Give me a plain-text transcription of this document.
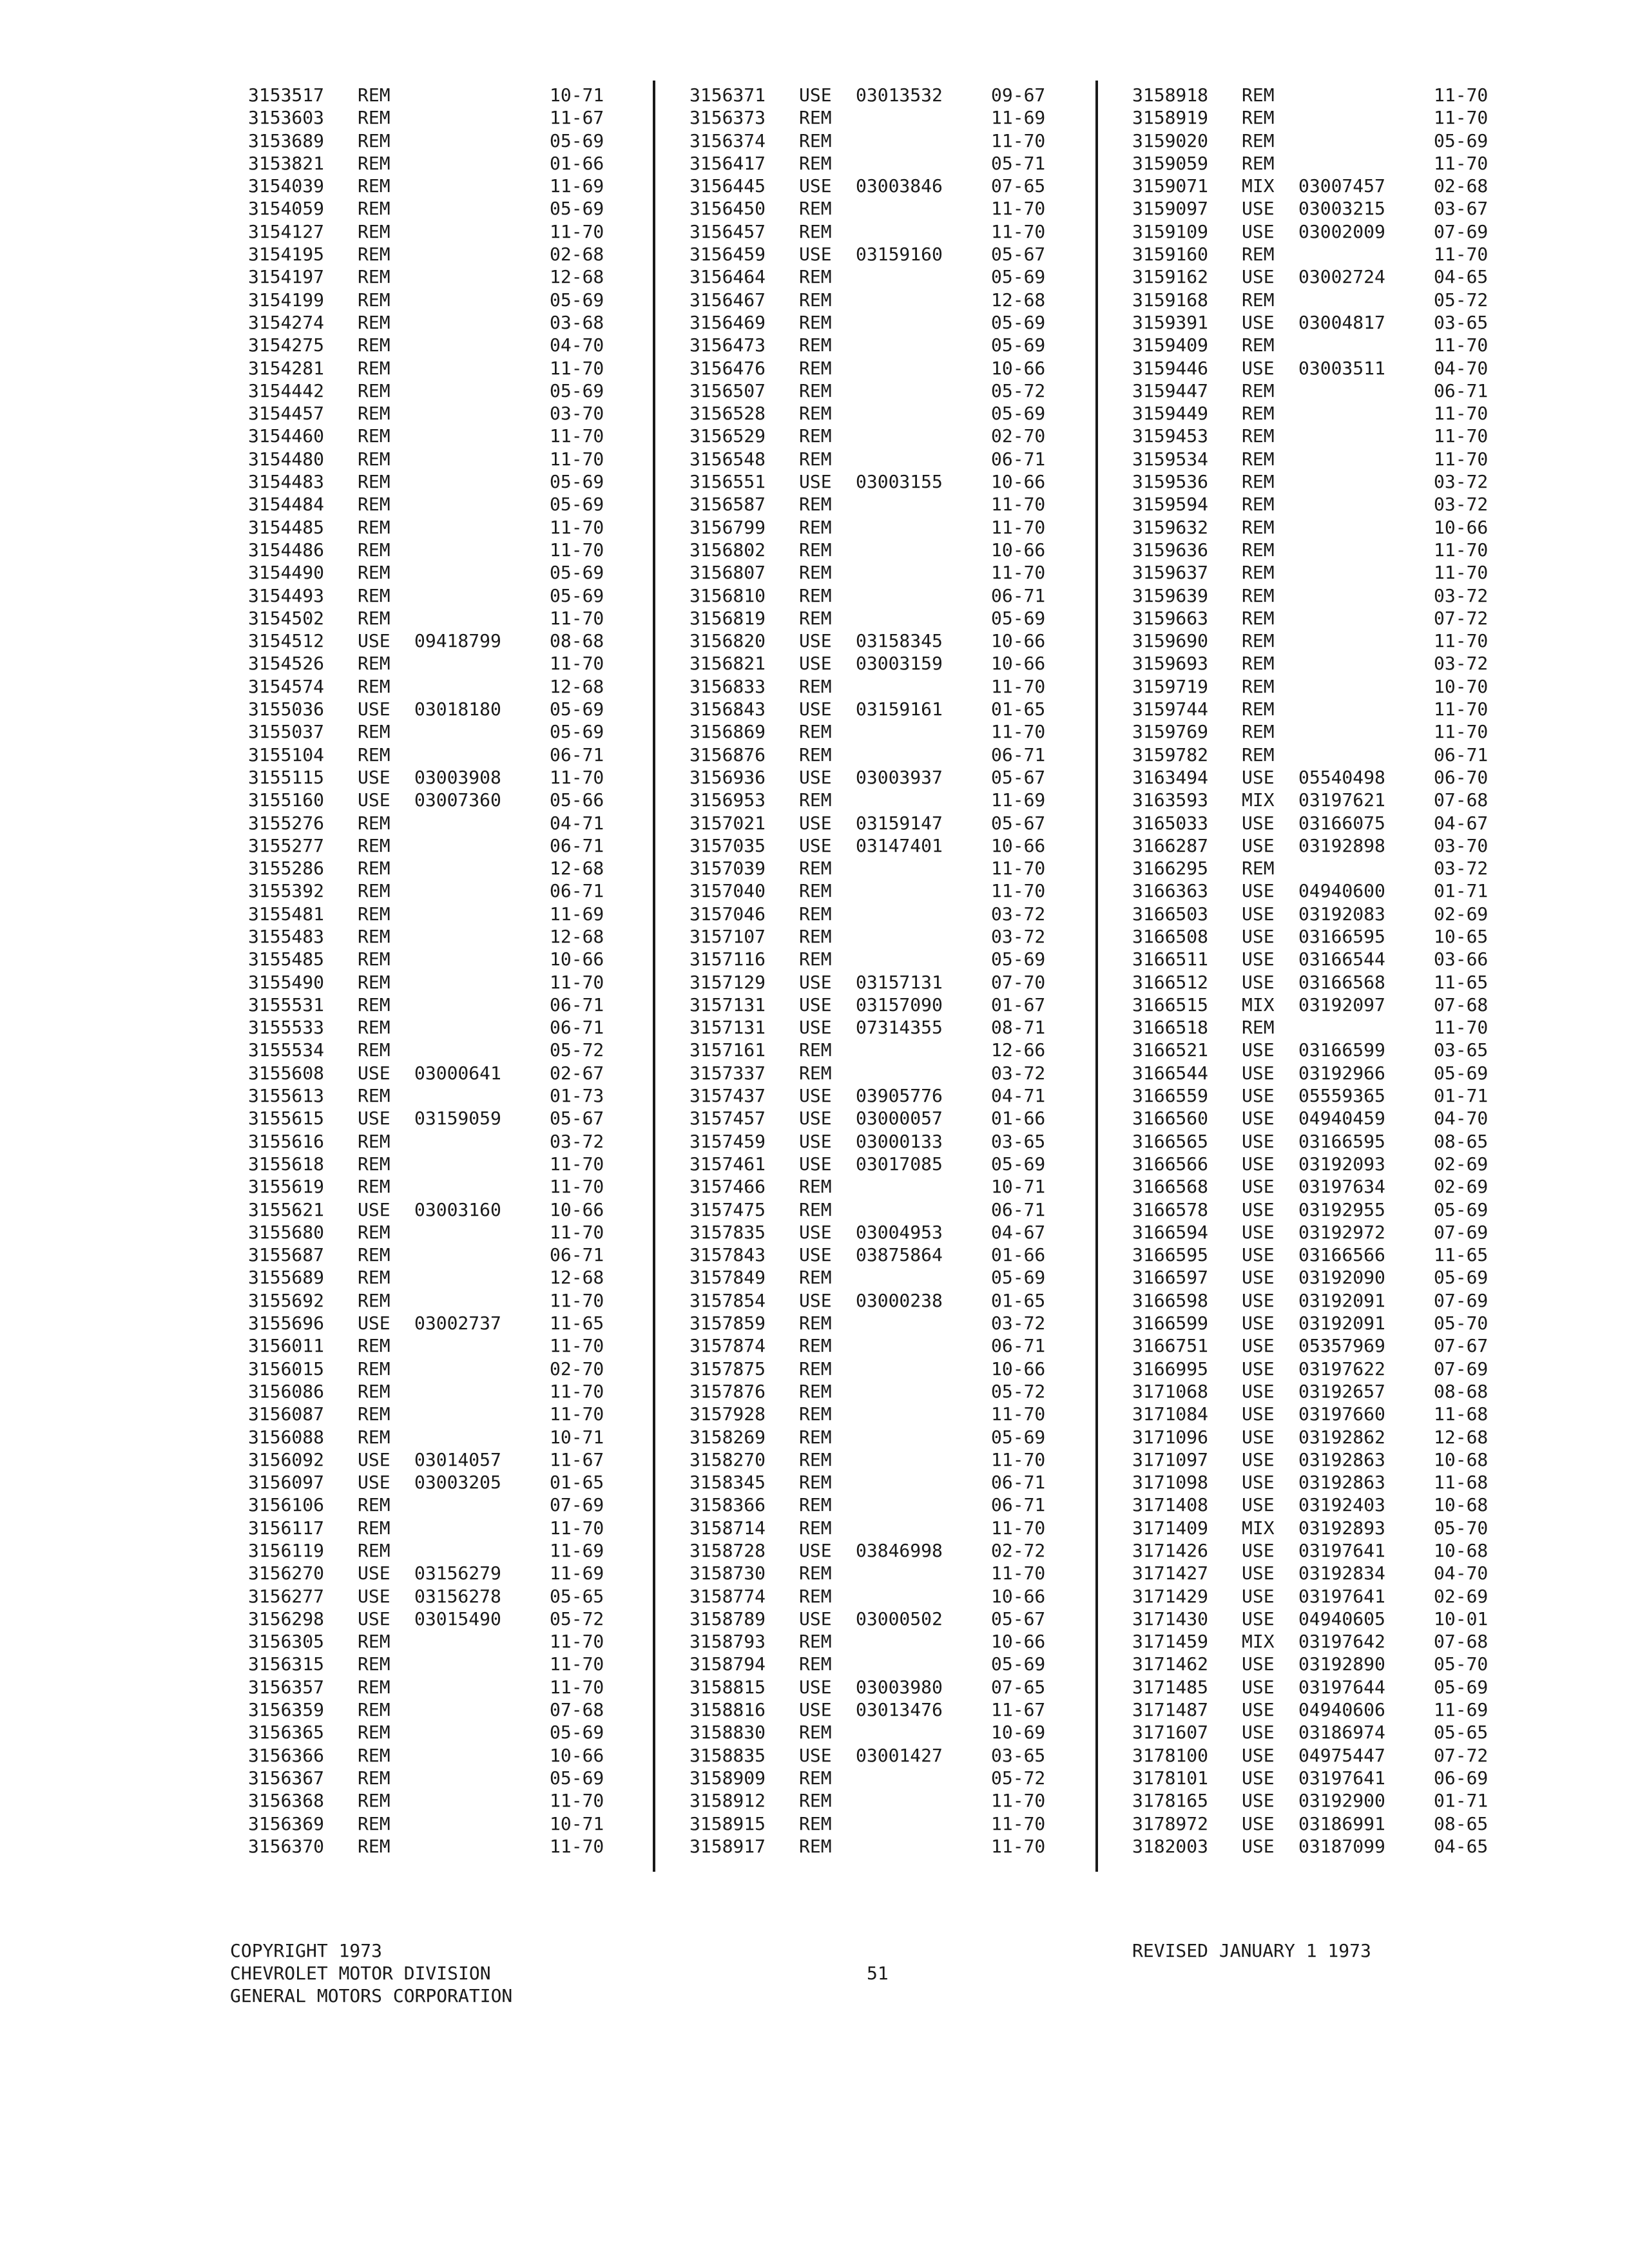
3153517 REM	10-71
3153603 REM	11-67
3153689 REM	05-69
3153821 REM	01-66
3154039 REM	11-69
3154059 REM	05-69
3154127 REM	11-70
3154195 REM	02-68
3154197 REM	12-68
3154199 REM	05-69
3154274 REM	03-68
3154275 REM	04-70
3154281 REM	11-70
3154442 REM	05-69
3154457 REM	03-70
3154460 REM	11-70
3154480 REM	11-70
3154483 REM	05-69
3154484 REM	05-69
3154485 REM	11-70
3154486 REM	11-70
3154490 REM	05-69
3154493 REM	05-69
3154502 REM	11-70
3154512 USE 09418799	08-68
3154526 REM	11-70
3154574 REM	12-68
3155036 USE 03018180	05-69
3155037 REM	05-69
3155104 REM	06-71
3155115 USE 03003908	11-70
3155160 USE 03007360	05-66
3155276 REM	04-71
3155277 REM	06-71
3155286 REM	12-68
3155392 REM	06-71
3155481 REM	11-69
3155483 REM	12-68
3155485 REM	10-66
3155490 REM	11-70
3155531 REM	06-71
3155533 REM	06-71
3155534 REM	05-72
3155608 USE 03000641	02-67
3155613 REM	01-73
3155615 USE 03159059	05-67
3155616 REM	03-72
3155618 REM	11-70
3155619 REM	11-70
3155621 USE 03003160	10-66
3155680 REM	11-70
3155687 REM	06-71
3155689 REM	12-68
3155692 REM	11-70
3155696 USE 03002737	11-65
3156011 REM	11-70
3156015 REM	02-70
3156086 REM	11-70
3156087 REM	11-70
3156088 REM	10-71
3156092 USE 03014057	11-67
3156097 USE 03003205	01-65
3156106 REM	07-69
3156117 REM	11-70
3156119 REM	11-69
3156270 USE 03156279	11-69
3156277 USE 03156278	05-65
3156298 USE 03015490	05-72
3156305 REM	11-70
3156315 REM	11-70
3156357 REM	11-70
3156359 REM	07-68
3156365 REM	05-69
3156366 REM	10-66
3156367 REM	05-69
3156368 REM	11-70
3156369 REM	10-71
3156370 REM	11-70
3156371 USE 03013532	09-67
3156373 REM	11-69
3156374 REM	11-70
3156417 REM	05-71
3156445 USE 03003846	07-65
3156450 REM	11-70
3156457 REM	11-70
3156459 USE 03159160	05-67
3156464 REM	05-69
3156467 REM	12-68
3156469 REM	05-69
3156473 REM	05-69
3156476 REM	10-66
3156507 REM	05-72
3156528 REM	05-69
3156529 REM	02-70
3156548 REM	06-71
3156551 USE 03003155	10-66
3156587 REM	11-70
3156799 REM	11-70
3156802 REM	10-66
3156807 REM	11-70
3156810 REM	06-71
3156819 REM	05-69
3156820 USE 03158345	10-66
3156821 USE 03003159	10-66
3156833 REM	11-70
3156843 USE 03159161	01-65
3156869 REM	11-70
3156876 REM	06-71
3156936 USE 03003937	05-67
3156953 REM	11-69
3157021 USE 03159147	05-67
3157035 USE 03147401	10-66
3157039 REM	11-70
3157040 REM	11-70
3157046 REM	03-72
3157107 REM	03-72
3157116 REM	05-69
3157129 USE 03157131	07-70
3157131 USE 03157090	01-67
3157131 USE 07314355	08-71
3157161 REM	12-66
3157337 REM	03-72
3157437 USE 03905776	04-71
3157457 USE 03000057	01-66
3157459 USE 03000133	03-65
3157461 USE 03017085	05-69
3157466 REM	10-71
3157475 REM	06-71
3157835 USE 03004953	04-67
3157843 USE 03875864	01-66
3157849 REM	05-69
3157854 USE 03000238	01-65
3157859 REM	03-72
3157874 REM	06-71
3157875 REM	10-66
3157876 REM	05-72
3157928 REM	11-70
3158269 REM	05-69
3158270 REM	11-70
3158345 REM	06-71
3158366 REM	06-71
3158714 REM	11-70
3158728 USE 03846998	02-72
3158730 REM	11-70
3158774 REM	10-66
3158789 USE 03000502	05-67
3158793 REM	10-66
3158794 REM	05-69
3158815 USE 03003980	07-65
3158816 USE 03013476	11-67
3158830 REM	10-69
3158835 USE 03001427	03-65
3158909 REM	05-72
3158912 REM	11-70
3158915 REM	11-70
3158917 REM	11-70
3158918 REM	11-70
3158919 REM	11-70
3159020 REM	05-69
3159059 REM	11-70
3159071 MIX 03007457	02-68
3159097 USE 03003215	03-67
3159109 USE 03002009	07-69
3159160 REM	11-70
3159162 USE 03002724	04-65
3159168 REM	05-72
3159391 USE 03004817	03-65
3159409 REM	11-70
3159446 USE 03003511	04-70
3159447 REM	06-71
3159449 REM	11-70
3159453 REM	11-70
3159534 REM	11-70
3159536 REM	03-72
3159594 REM	03-72
3159632 REM	10-66
3159636 REM	11-70
3159637 REM	11-70
3159639 REM	03-72
3159663 REM	07-72
3159690 REM	11-70
3159693 REM	03-72
3159719 REM	10-70
3159744 REM	11-70
3159769 REM	11-70
3159782 REM	06-71
3163494 USE 05540498	06-70
3163593 MIX 03197621	07-68
3165033 USE 03166075	04-67
3166287 USE 03192898	03-70
3166295 REM	03-72
3166363 USE 04940600	01-71
3166503 USE 03192083	02-69
3166508 USE 03166595	10-65
3166511 USE 03166544	03-66
3166512 USE 03166568	11-65
3166515 MIX 03192097	07-68
3166518 REM	11-70
3166521 USE 03166599	03-65
3166544 USE 03192966	05-69
3166559 USE 05559365	01-71
3166560 USE 04940459	04-70
3166565 USE 03166595	08-65
3166566 USE 03192093	02-69
3166568 USE 03197634	02-69
3166578 USE 03192955	05-69
3166594 USE 03192972	07-69
3166595 USE 03166566	11-65
3166597 USE 03192090	05-69
3166598 USE 03192091	07-69
3166599 USE 03192091	05-70
3166751 USE 05357969	07-67
3166995 USE 03197622	07-69
3171068 USE 03192657	08-68
3171084 USE 03197660	11-68
3171096 USE 03192862	12-68
3171097 USE 03192863	10-68
3171098 USE 03192863	11-68
3171408 USE 03192403	10-68
3171409 MIX 03192893	05-70
3171426 USE 03197641	10-68
3171427 USE 03192834	04-70
3171429 USE 03197641	02-69
3171430 USE 04940605	10-01
3171459 MIX 03197642	07-68
3171462 USE 03192890	05-70
3171485 USE 03197644	05-69
3171487 USE 04940606	11-69
3171607 USE 03186974	05-65
3178100 USE 04975447	07-72
3178101 USE 03197641	06-69
3178165 USE 03192900	01-71
3178972 USE 03186991	08-65
3182003 USE 03187099	04-65
COPYRIGHT 1973
CHEVROLET MOTOR DIVISION
GENERAL MOTORS CORPORATION
51
REVISED JANUARY 1 1973
